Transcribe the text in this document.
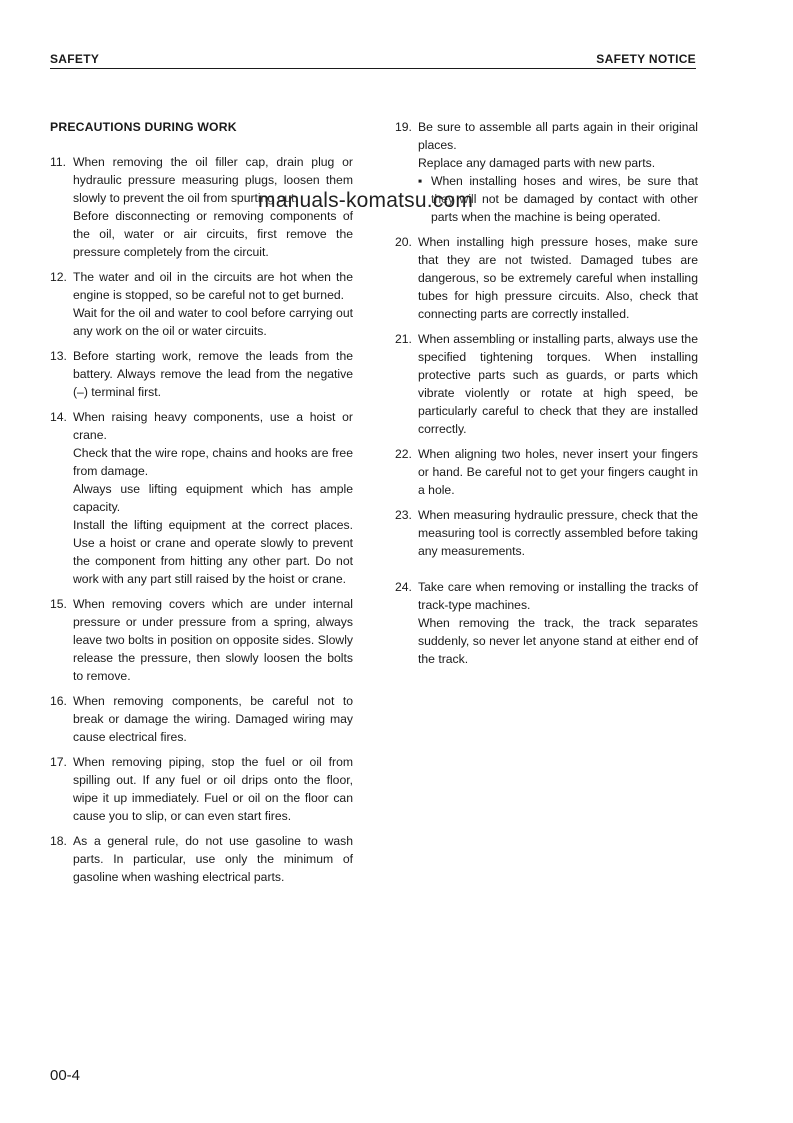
SAFETY	SAFETY NOTICE
PRECAUTIONS DURING WORK
11. When removing the oil filler cap, drain plug or hydraulic pressure measuring plugs, loosen them slowly to prevent the oil from spurting out.

Before disconnecting or removing components of the oil, water or air circuits, first remove the pressure completely from the circuit.

12. The water and oil in the circuits are hot when the engine is stopped, so be careful not to get burned.

Wait for the oil and water to cool before carrying out any work on the oil or water circuits.

13. Before starting work, remove the leads from the battery. Always remove the lead from the negative (–) terminal first.

14. When raising heavy components, use a hoist or crane.

Check that the wire rope, chains and hooks are free from damage.

Always use lifting equipment which has ample capacity.

Install the lifting equipment at the correct places. Use a hoist or crane and operate slowly to prevent the component from hitting any other part. Do not work with any part still raised by the hoist or crane.

15. When removing covers which are under internal pressure or under pressure from a spring, always leave two bolts in position on opposite sides. Slowly release the pressure, then slowly loosen the bolts to remove.

16. When removing components, be careful not to break or damage the wiring. Damaged wiring may cause electrical fires.

17. When removing piping, stop the fuel or oil from spilling out. If any fuel or oil drips onto the floor, wipe it up immediately. Fuel or oil on the floor can cause you to slip, or can even start fires.

18. As a general rule, do not use gasoline to wash parts. In particular, use only the minimum of gasoline when washing electrical parts.

19. Be sure to assemble all parts again in their original places.

Replace any damaged parts with new parts.

▪ When installing hoses and wires, be sure that they will not be damaged by contact with other parts when the machine is being operated.
20. When installing high pressure hoses, make sure that they are not twisted. Damaged tubes are dangerous, so be extremely careful when installing tubes for high pressure circuits. Also, check that connecting parts are correctly installed.

21. When assembling or installing parts, always use the specified tightening torques. When installing protective parts such as guards, or parts which vibrate violently or rotate at high speed, be particularly careful to check that they are installed correctly.

22. When aligning two holes, never insert your fingers or hand. Be careful not to get your fingers caught in a hole.

23. When measuring hydraulic pressure, check that the measuring tool is correctly assembled before taking any measurements.

24. Take care when removing or installing the tracks of track-type machines.

When removing the track, the track separates suddenly, so never let anyone stand at either end of the track.

manuals-komatsu.com
00-4
